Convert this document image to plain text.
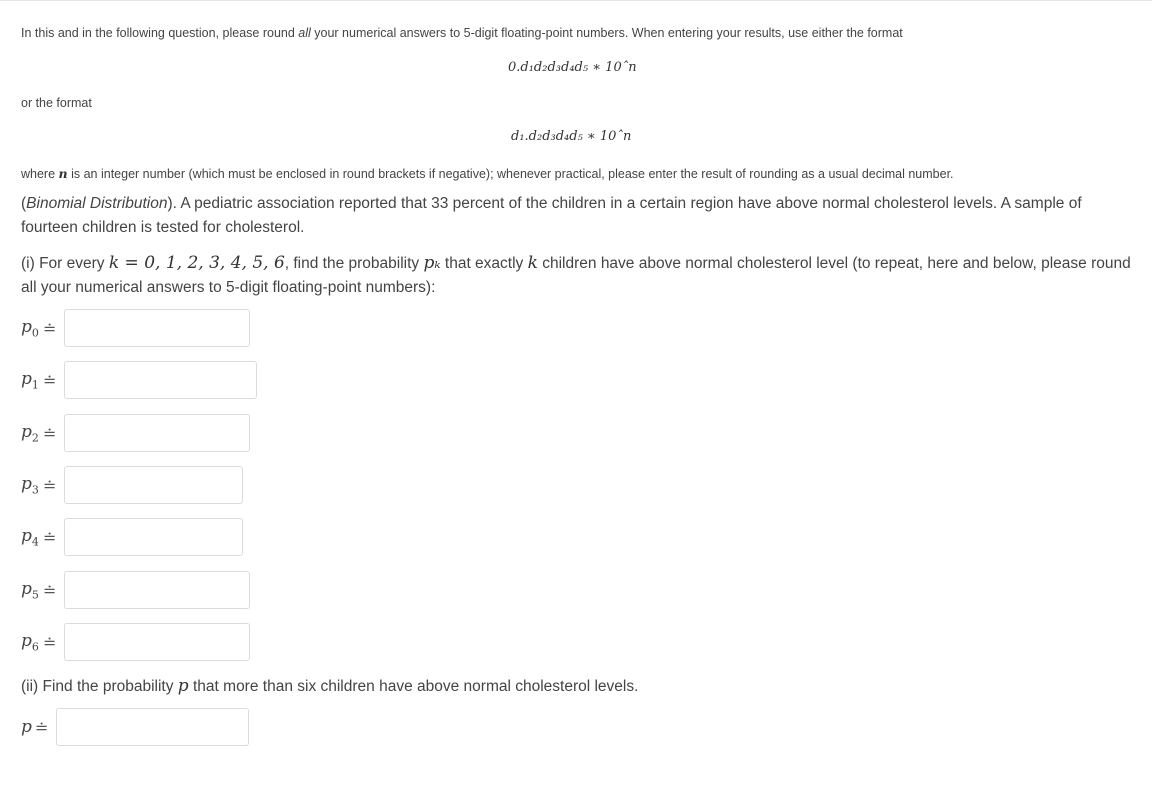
In this and in the following question, please round all your numerical answers to 5-digit floating-point numbers. When entering your results, use either the format
0.d₁d₂d₃d₄d₅ ∗ 10ˆn
or the format
d₁.d₂d₃d₄d₅ ∗ 10ˆn
where n is an integer number (which must be enclosed in round brackets if negative); whenever practical, please enter the result of rounding as a usual decimal number.
(Binomial Distribution). A pediatric association reported that 33 percent of the children in a certain region have above normal cholesterol levels. A sample of fourteen children is tested for cholesterol.
(i) For every k = 0, 1, 2, 3, 4, 5, 6, find the probability pₖ that exactly k children have above normal cholesterol level (to repeat, here and below, please round all your numerical answers to 5-digit floating-point numbers):
$p_0$ ≐
$p_1$ ≐
$p_2$ ≐
$p_3$ ≐
$p_4$ ≐
$p_5$ ≐
$p_6$ ≐
(ii) Find the probability p that more than six children have above normal cholesterol levels.
p ≐
